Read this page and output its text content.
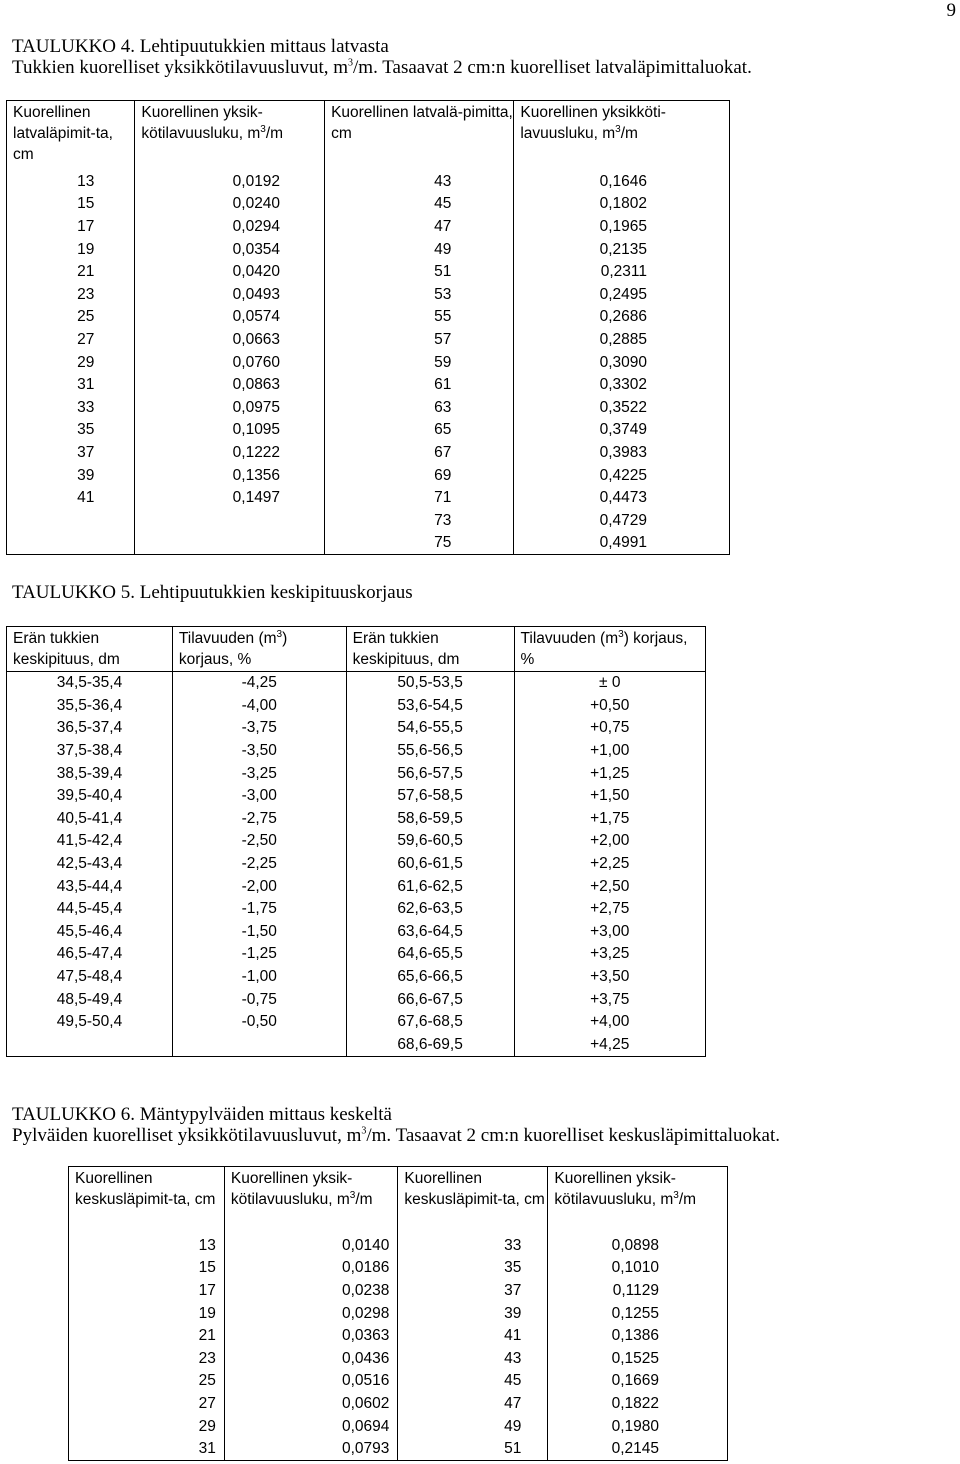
9
TAULUKKO 4. Lehtipuutukkien mittaus latvasta
Tukkien kuorelliset yksikkötilavuusluvut, $m^3/m$. Tasaavat 2 cm:n kuorelliset latvaläpimittaluokat.
Kuorellinen latvaläpimit-ta, cm	Kuorellinen yksik-kötilavuusluku, $m^3/m$	Kuorellinen latvalä-pimitta, cm	Kuorellinen yksikköti-lavuusluku, $m^3/m$
13	0,0192	43	0,1646
15	0,0240	45	0,1802
17	0,0294	47	0,1965
19	0,0354	49	0,2135
21	0,0420	51	0,2311
23	0,0493	53	0,2495
25	0,0574	55	0,2686
27	0,0663	57	0,2885
29	0,0760	59	0,3090
31	0,0863	61	0,3302
33	0,0975	63	0,3522
35	0,1095	65	0,3749
37	0,1222	67	0,3983
39	0,1356	69	0,4225
41	0,1497	71	0,4473
		73	0,4729
		75	0,4991
TAULUKKO 5. Lehtipuutukkien keskipituuskorjaus
Erän tukkien keskipituus, dm	Tilavuuden $(m^3)$ korjaus, %	Erän tukkien keskipituus, dm	Tilavuuden $(m^3)$ korjaus, %
34,5-35,4	-4,25	50,5-53,5	± 0
35,5-36,4	-4,00	53,6-54,5	+0,50
36,5-37,4	-3,75	54,6-55,5	+0,75
37,5-38,4	-3,50	55,6-56,5	+1,00
38,5-39,4	-3,25	56,6-57,5	+1,25
39,5-40,4	-3,00	57,6-58,5	+1,50
40,5-41,4	-2,75	58,6-59,5	+1,75
41,5-42,4	-2,50	59,6-60,5	+2,00
42,5-43,4	-2,25	60,6-61,5	+2,25
43,5-44,4	-2,00	61,6-62,5	+2,50
44,5-45,4	-1,75	62,6-63,5	+2,75
45,5-46,4	-1,50	63,6-64,5	+3,00
46,5-47,4	-1,25	64,6-65,5	+3,25
47,5-48,4	-1,00	65,6-66,5	+3,50
48,5-49,4	-0,75	66,6-67,5	+3,75
49,5-50,4	-0,50	67,6-68,5	+4,00
		68,6-69,5	+4,25
TAULUKKO 6. Mäntypylväiden mittaus keskeltä
Pylväiden kuorelliset yksikkötilavuusluvut, $m^3/m$. Tasaavat 2 cm:n kuorelliset keskusläpimittaluokat.
Kuorellinen keskusläpimit-ta, cm	Kuorellinen yksik-kötilavuusluku, $m^3/m$	Kuorellinen keskusläpimit-ta, cm	Kuorellinen yksik-kötilavuusluku, $m^3/m$
13	0,0140	33	0,0898
15	0,0186	35	0,1010
17	0,0238	37	0,1129
19	0,0298	39	0,1255
21	0,0363	41	0,1386
23	0,0436	43	0,1525
25	0,0516	45	0,1669
27	0,0602	47	0,1822
29	0,0694	49	0,1980
31	0,0793	51	0,2145
